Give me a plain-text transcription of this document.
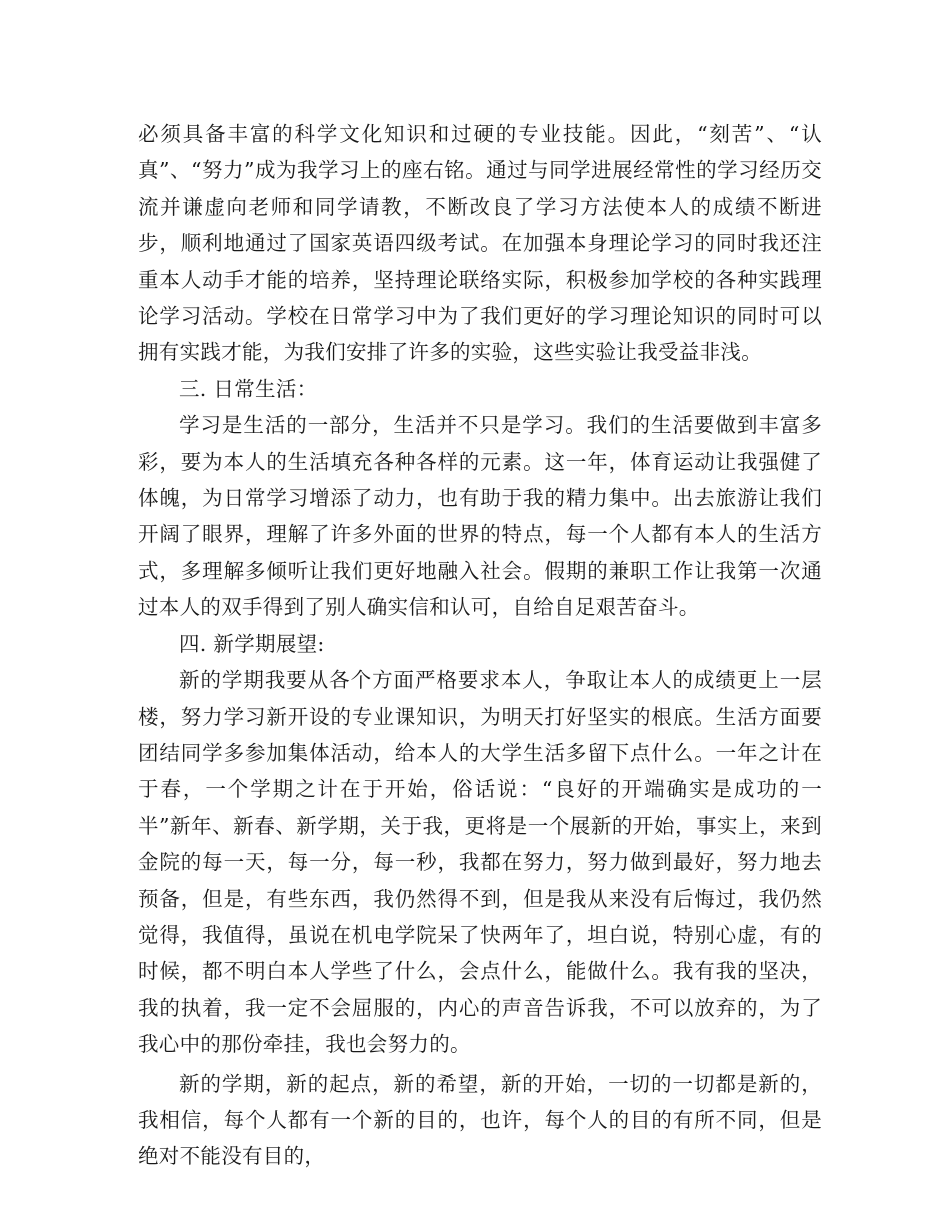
必须具备丰富的科学文化知识和过硬的专业技能。因此，“刻苦”、“认真”、“努力”成为我学习上的座右铭。通过与同学进展经常性的学习经历交流并谦虚向老师和同学请教，不断改良了学习方法使本人的成绩不断进步，顺利地通过了国家英语四级考试。在加强本身理论学习的同时我还注重本人动手才能的培养，坚持理论联络实际，积极参加学校的各种实践理论学习活动。学校在日常学习中为了我们更好的学习理论知识的同时可以拥有实践才能，为我们安排了许多的实验，这些实验让我受益非浅。

三. 日常生活：

学习是生活的一部分，生活并不只是学习。我们的生活要做到丰富多彩，要为本人的生活填充各种各样的元素。这一年，体育运动让我强健了体魄，为日常学习增添了动力，也有助于我的精力集中。出去旅游让我们开阔了眼界，理解了许多外面的世界的特点，每一个人都有本人的生活方式，多理解多倾听让我们更好地融入社会。假期的兼职工作让我第一次通过本人的双手得到了别人确实信和认可，自给自足艰苦奋斗。

四. 新学期展望:

新的学期我要从各个方面严格要求本人，争取让本人的成绩更上一层楼，努力学习新开设的专业课知识，为明天打好坚实的根底。生活方面要团结同学多参加集体活动，给本人的大学生活多留下点什么。一年之计在于春，一个学期之计在于开始，俗话说：“良好的开端确实是成功的一半”新年、新春、新学期，关于我，更将是一个展新的开始，事实上，来到金院的每一天，每一分，每一秒，我都在努力，努力做到最好，努力地去预备，但是，有些东西，我仍然得不到，但是我从来没有后悔过，我仍然觉得，我值得，虽说在机电学院呆了快两年了，坦白说，特别心虚，有的时候，都不明白本人学些了什么，会点什么，能做什么。我有我的坚决，我的执着，我一定不会屈服的，内心的声音告诉我，不可以放弃的，为了我心中的那份牵挂，我也会努力的。

新的学期，新的起点，新的希望，新的开始，一切的一切都是新的，我相信，每个人都有一个新的目的，也许，每个人的目的有所不同，但是绝对不能没有目的，
